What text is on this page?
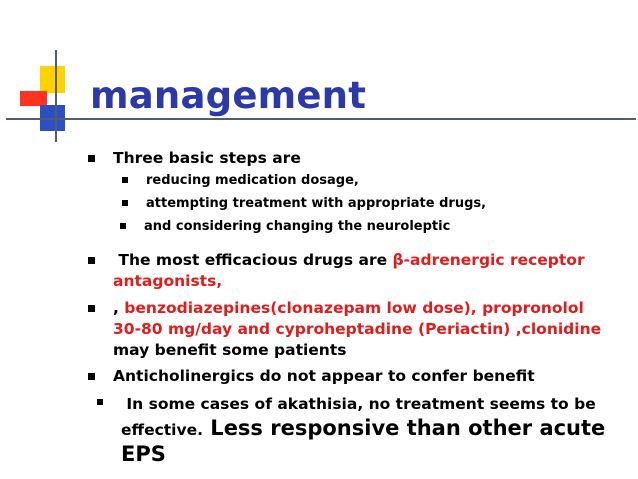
management
Three basic steps are
reducing medication dosage,
attempting treatment with appropriate drugs,
and considering changing the neuroleptic
The most efficacious drugs are β-adrenergic receptor
antagonists,
, benzodiazepines(clonazepam low dose), propronolol
30-80 mg/day and cyproheptadine (Periactin) ,clonidine
may benefit some patients
Anticholinergics do not appear to confer benefit
In some cases of akathisia, no treatment seems to be
effective. Less responsive than other acute EPS
